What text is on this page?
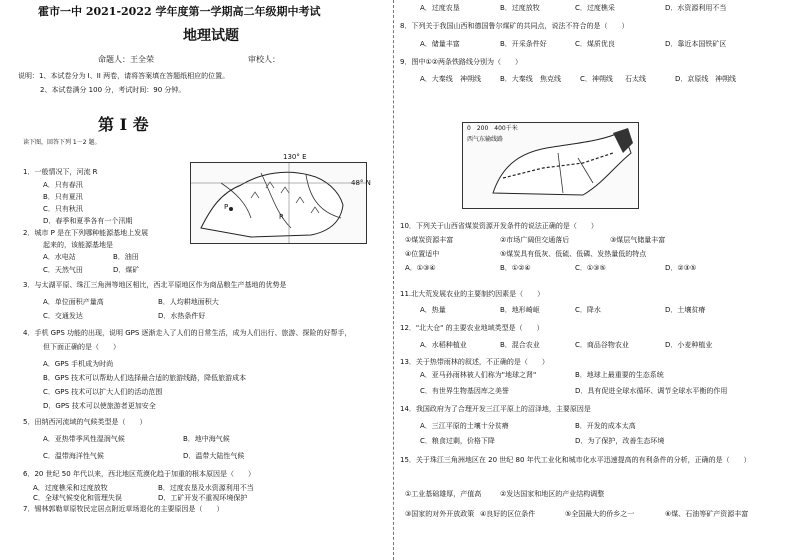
霍市一中 2021-2022 学年度第一学期高二年级期中考试
地理试题
命题人：王全荣	审校人：
说明：1、本试卷分为 I、II 两卷，请将答案填在答题纸相应的位置。
2、本试卷满分 100 分，考试时间：90 分钟。
第 I 卷
读下图，回答下列 1－2 题。
130° E
48° N
P
R
1．一般情况下，河流 R
A．只有春汛
B．只有夏汛
C．只有秋汛
D．春季和夏季各有一个汛期
2．城市 P 是在下列哪种能源基地上发展
起来的，该能源基地是
A．水电站	B．油田
C．天然气田	D．煤矿
3．与太湖平原、珠江三角洲等地区相比，西北平原地区作为商品粮生产基地的优势是
A．单位面积产量高	B．人均耕地面积大
C．交通发达	D．水热条件好
4．手机 GPS 功能的出现，说明 GPS 逐渐走入了人们的日常生活，成为人们出行、旅游、探险的好帮手，
但下面正确的是（　　）
A．GPS 手机成为时尚
B．GPS 技术可以帮助人们选择最合适的旅游线路，降低旅游成本
C．GPS 技术可以扩大人们的活动范围
D．GPS 技术可以使旅游者更加安全
5．田纳西河流域的气候类型是（　　）
A．亚热带季风性湿润气候	B．地中海气候
C．温带海洋性气候	D．温带大陆性气候
6．20 世纪 50 年代以来，西北地区荒漠化趋于加重的根本原因是（　　）
A．过度樵采和过度放牧	B．过度农垦及水资源利用不当
C．全球气候变化和管理失误	D．工矿开发不重视环境保护
7．锡林郭勒草原牧民定居点附近草场退化的主要原因是（　　）
0　200　400千米
西气东输线路
A．过度农垦	B．过度放牧	C．过度樵采	D．水资源利用不当
8．下列关于我国山西和德国鲁尔煤矿的共同点，说法不符合的是（　　）
A．储量丰富	B．开采条件好	C．煤质优良	D．靠近本国铁矿区
9．图中①②两条铁路线分别为（　　）
A．大秦线 神朔线	B．大秦线 焦克线	C．神朔线 石太线	D．京原线 神朔线
10．下列关于山西省煤炭资源开发条件的说法正确的是（　　）
①煤炭资源丰富	②市场广阔但交通落后	③煤层气储量丰富
④位置适中	⑤煤炭具有低灰、低硫、低磷、发热量低的特点
A．①③④	B．①②④	C．①③⑤	D．②③⑤
11.北大荒发展农业的主要制约因素是（　　）
A．热量	B．地形崎岖	C．降水	D．土壤贫瘠
12．"北大仓" 的主要农业地域类型是（　　）
A．水稻种植业	B．混合农业	C．商品谷物农业	D．小麦种植业
13．关于热带雨林的叙述，不正确的是（　　）
A．亚马孙雨林被人们称为"地球之肾"	B．地球上最重要的生态系统
C．有世界生物基因库之美誉	D．具有促进全球水循环、调节全球水平衡的作用
14．我国政府为了合理开发三江平原上的沼泽地，主要原因是
A．三江平原的土壤十分贫瘠	B．开发的成本太高
C．粮食过剩，价格下降	D．为了保护，改善生态环境
15．关于珠江三角洲地区在 20 世纪 80 年代工业化和城市化水平迅速提高的有利条件的分析，正确的是（　　）
①工业基础雄厚，产值高	②发达国家和地区的产业结构调整
③国家的对外开放政策 ④良好的区位条件	⑤全国最大的侨乡之一	⑥煤、石油等矿产资源丰富
